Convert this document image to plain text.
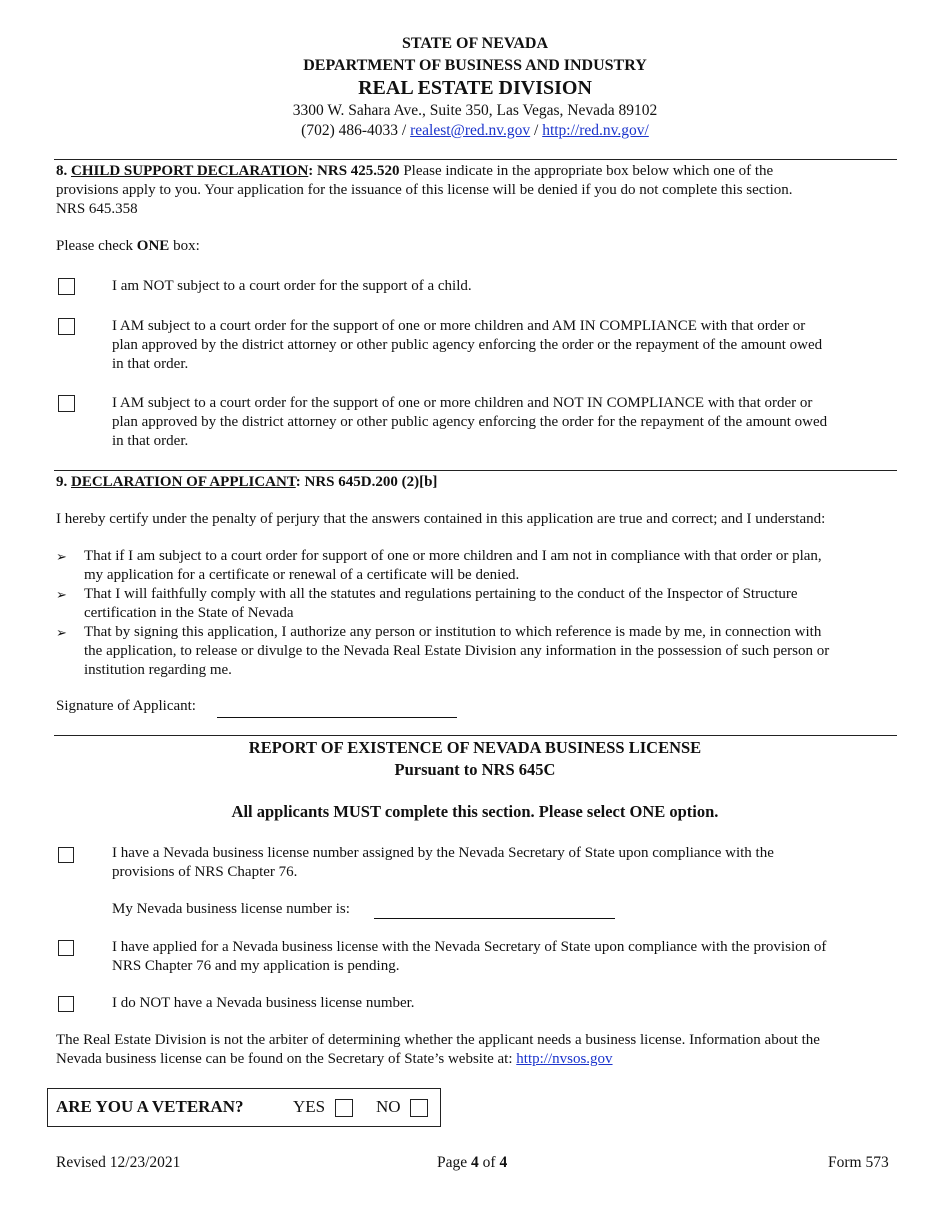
STATE OF NEVADA
DEPARTMENT OF BUSINESS AND INDUSTRY
REAL ESTATE DIVISION
3300 W. Sahara Ave., Suite 350, Las Vegas, Nevada 89102
(702) 486-4033 / realest@red.nv.gov / http://red.nv.gov/
8. CHILD SUPPORT DECLARATION: NRS 425.520 Please indicate in the appropriate box below which one of the
provisions apply to you. Your application for the issuance of this license will be denied if you do not complete this section.
NRS 645.358
Please check ONE box:
I am NOT subject to a court order for the support of a child.
I AM subject to a court order for the support of one or more children and AM IN COMPLIANCE with that order or
plan approved by the district attorney or other public agency enforcing the order or the repayment of the amount owed
in that order.
I AM subject to a court order for the support of one or more children and NOT IN COMPLIANCE with that order or
plan approved by the district attorney or other public agency enforcing the order for the repayment of the amount owed
in that order.
9. DECLARATION OF APPLICANT: NRS 645D.200 (2)[b]
I hereby certify under the penalty of perjury that the answers contained in this application are true and correct; and I understand:
➢ That if I am subject to a court order for support of one or more children and I am not in compliance with that order or plan,
my application for a certificate or renewal of a certificate will be denied.
➢ That I will faithfully comply with all the statutes and regulations pertaining to the conduct of the Inspector of Structure
certification in the State of Nevada
➢ That by signing this application, I authorize any person or institution to which reference is made by me, in connection with
the application, to release or divulge to the Nevada Real Estate Division any information in the possession of such person or
institution regarding me.
Signature of Applicant:
REPORT OF EXISTENCE OF NEVADA BUSINESS LICENSE
Pursuant to NRS 645C
All applicants MUST complete this section. Please select ONE option.
I have a Nevada business license number assigned by the Nevada Secretary of State upon compliance with the
provisions of NRS Chapter 76.
My Nevada business license number is:
I have applied for a Nevada business license with the Nevada Secretary of State upon compliance with the provision of
NRS Chapter 76 and my application is pending.
I do NOT have a Nevada business license number.
The Real Estate Division is not the arbiter of determining whether the applicant needs a business license. Information about the
Nevada business license can be found on the Secretary of State’s website at: http://nvsos.gov
ARE YOU A VETERAN?	YES	NO
Revised 12/23/2021	Page 4 of 4	Form 573
